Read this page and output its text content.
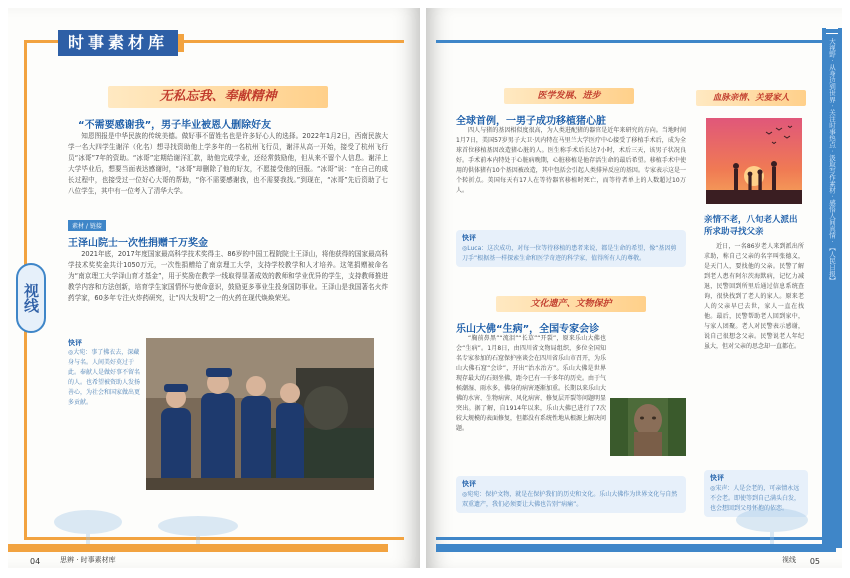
时事素材库
视线
无私忘我、奉献精神
“不需要感谢我”，男子毕业被恩人删除好友
知恩图报是中华民族的传统美德。做好事不留姓名也是许多好心人的选择。2022年1月2日，西南民族大学一名大四学生谢洋（化名）想寻找资助他上学多年的一名杭州飞行员，谢洋从高一开始，接受了杭州飞行员“冰哥”7年的资助。“冰哥”定期给谢洋汇款，助他完成学业，还经常鼓励他，但从来不留个人信息。谢洋上大学毕业后，想要当面表达感谢时，“冰哥”却删除了他的好友，不愿接受他的回报。“冰哥”说：“在自己的成长过程中，也接受过一位好心大哥的帮助，“你不需要感谢我，也不需要我找。”到现在，“冰哥”先后资助了七八位学生，其中有一位考入了清华大学。
素材 / 链接
王泽山院士一次性捐赠千万奖金
2021年底，2017年度国家最高科学技术奖得主、86岁的中国工程院院士王泽山，将他获得的国家最高科学技术奖奖金共计1050万元，一次性捐赠给了南京理工大学，支持学校教学和人才培养。这笔捐赠被命名为“南京理工大学泽山育才基金”，用于奖励在教学一线取得显著成效的教师和学业优异的学生，支持教师推进教学内容和方法创新，培育学生家国情怀与使命意识，鼓励更多事业生投身国防事业。王泽山是我国著名火炸药学家，60多年专注火炸药研究，让“四大发明”之一的火药在现代焕焕荣光。
快评
◎大宛：事了拂衣去，深藏身与名。人间美好莫过于此。奉献人是做好事不留名的人。也希望被资助人发扬善心，为社会和国家做出更多贡献。
04	思辨 · 时事素材库
大视野 · 从身边到世界 · 关注时事热点 · 汲取写作素材 · 感悟人间真情 · 【人民日报】
医学发展、进步
全球首例，一男子成功移植猪心脏
四人与猪的基因相似度很高，为人类进配猪的器官是近年来研究的方向。当地时间1月7日，美国57岁男子大卫·贝内特在马里兰大学医疗中心接受了移植手术后，成为全球首位移植基因改造猪心脏的人。医生称手术后长达7小时，术后三天，该男子状况良好。手术前本内特处于心脏病晚期，心脏移植是他存活生命的最后希望。移植手术中使用的供体猪有10个基因被改造，其中包括会引起人类排异反应的基因。专家表示这是一个转折点。美国每天有17人在等待器官移植时死亡，而等待者单上的人数超过10万人。
快评
◎Luca：这次成功，对每一位等待移植的患者来说，都是生命的希望，像“基因剪刀手”根据基一样探索生命和医学奇迹的科学家，值得所有人的尊敬。
文化遗产、文物保护
乐山大佛“生病”，全国专家会诊
“胸前鼻黑”“流泪”“长草”“开裂”，原来乐山大佛也会“生病”。1月8日，由四川省文物局组织，多位全国知名专家参加的石窟保护座谈会在四川省乐山市召开，为乐山大佛石窟“会诊”，开出“治水治方”。乐山大佛是世界现存最大的石刻坐佛，距今已有一千多年的历史。由于气候潮湿、雨水多，佛身的病害逐渐加重。长期以来乐山大佛的水害、生物病害、风化病害、修复层开裂等问题明显突出。据了解，自1914年以来，乐山大佛已进行了7次较大规模的表面修复，但都没有系统性地从根源上解决问题。
快评
◎宛宛：保护文物，就是在保护我们的历史和文化。乐山大佛作为世界文化与自然双重遗产，我们必须要让大佛也告别“病痛”。
血脉亲情、关爱家人
亲情不老，八旬老人派出所求助寻找父亲
近日，一名86岁老人来到派出所求助，称自己父亲的名字叫张德义，是天门人，要找他的父亲。民警了解到老人患有阿尔茨海默病，记忆力减退，民警回到所里后通过信息系统查询，很快找到了老人的家人。原来老人的父亲早已去世，家人一直在找他。最后，民警帮助老人回到家中，与家人团聚。老人对民警表示感谢，说自己很想念父亲。民警说老人年纪虽大，但对父亲的思念却一直都在。
快评
◎宋声：人是会老的，可亲情永远不会老。即使等到自己满头白发，也会想回到父母怀抱的依恋。
视线 05
